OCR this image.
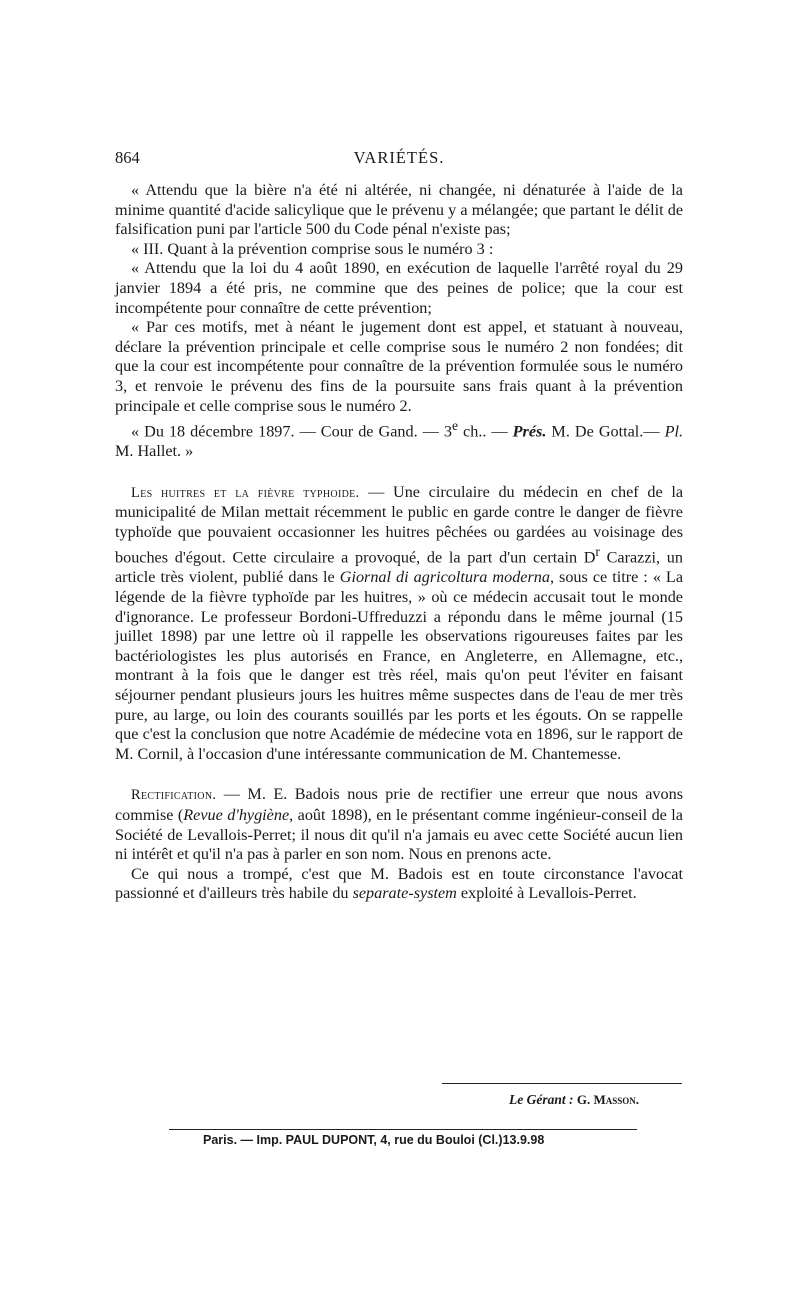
864	VARIÉTÉS.

« Attendu que la bière n'a été ni altérée, ni changée, ni dénaturée à l'aide de la minime quantité d'acide salicylique que le prévenu y a mélangée; que partant le délit de falsification puni par l'article 500 du Code pénal n'existe pas;

« III. Quant à la prévention comprise sous le numéro 3 :

« Attendu que la loi du 4 août 1890, en exécution de laquelle l'arrêté royal du 29 janvier 1894 a été pris, ne commine que des peines de police; que la cour est incompétente pour connaître de cette prévention;

« Par ces motifs, met à néant le jugement dont est appel, et statuant à nouveau, déclare la prévention principale et celle comprise sous le numéro 2 non fondées; dit que la cour est incompétente pour connaître de la prévention formulée sous le numéro 3, et renvoie le prévenu des fins de la poursuite sans frais quant à la prévention principale et celle comprise sous le numéro 2.

« Du 18 décembre 1897. — Cour de Gand. — 3e ch.. — Prés. M. De Gottal.— Pl. M. Hallet. »

Les huitres et la fièvre typhoide. — Une circulaire du médecin en chef de la municipalité de Milan mettait récemment le public en garde contre le danger de fièvre typhoïde que pouvaient occasionner les huitres pêchées ou gardées au voisinage des bouches d'égout. Cette circulaire a provoqué, de la part d'un certain $D^r$ Carazzi, un article très violent, publié dans le Giornal di agricoltura moderna, sous ce titre : « La légende de la fièvre typhoïde par les huitres, » où ce médecin accusait tout le monde d'ignorance. Le professeur Bordoni-Uffreduzzi a répondu dans le même journal (15 juillet 1898) par une lettre où il rappelle les observations rigoureuses faites par les bactériologistes les plus autorisés en France, en Angleterre, en Allemagne, etc., montrant à la fois que le danger est très réel, mais qu'on peut l'éviter en faisant séjourner pendant plusieurs jours les huitres même suspectes dans de l'eau de mer très pure, au large, ou loin des courants souillés par les ports et les égouts. On se rappelle que c'est la conclusion que notre Académie de médecine vota en 1896, sur le rapport de M. Cornil, à l'occasion d'une intéressante communication de M. Chantemesse.

Rectification. — M. E. Badois nous prie de rectifier une erreur que nous avons commise (Revue d'hygiène, août 1898), en le présentant comme ingénieur-conseil de la Société de Levallois-Perret; il nous dit qu'il n'a jamais eu avec cette Société aucun lien ni intérêt et qu'il n'a pas à parler en son nom. Nous en prenons acte.

Ce qui nous a trompé, c'est que M. Badois est en toute circonstance l'avocat passionné et d'ailleurs très habile du separate-system exploité à Levallois-Perret.

Le Gérant : G. Masson.
Paris. — Imp. PAUL DUPONT, 4, rue du Bouloi (Cl.)13.9.98
